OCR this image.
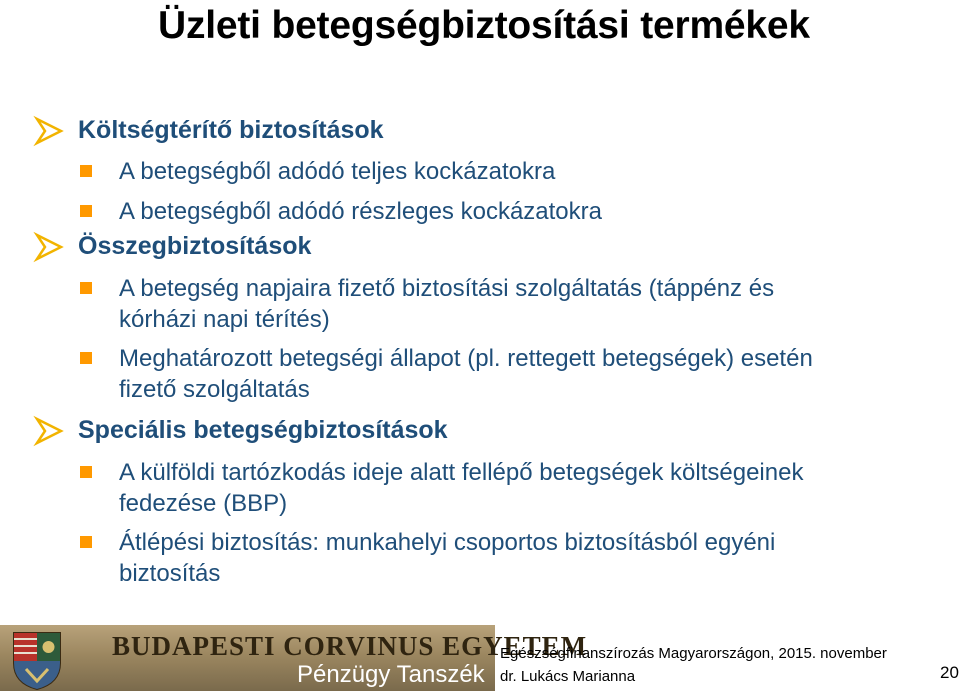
Üzleti betegségbiztosítási termékek
Költségtérítő biztosítások
A betegségből adódó teljes kockázatokra
A betegségből adódó részleges kockázatokra
Összegbiztosítások
A betegség napjaira fizető biztosítási szolgáltatás (táppénz és
kórházi napi térítés)
Meghatározott betegségi állapot (pl. rettegett betegségek) esetén
fizető szolgáltatás
Speciális betegségbiztosítások
A külföldi tartózkodás ideje alatt fellépő betegségek költségeinek
fedezése (BBP)
Átlépési biztosítás: munkahelyi csoportos biztosításból egyéni
biztosítás
BUDAPESTI CORVINUS EGYETEM
Pénzügy Tanszék
Egészségfinanszírozás Magyarországon, 2015. november
dr. Lukács Marianna	20
